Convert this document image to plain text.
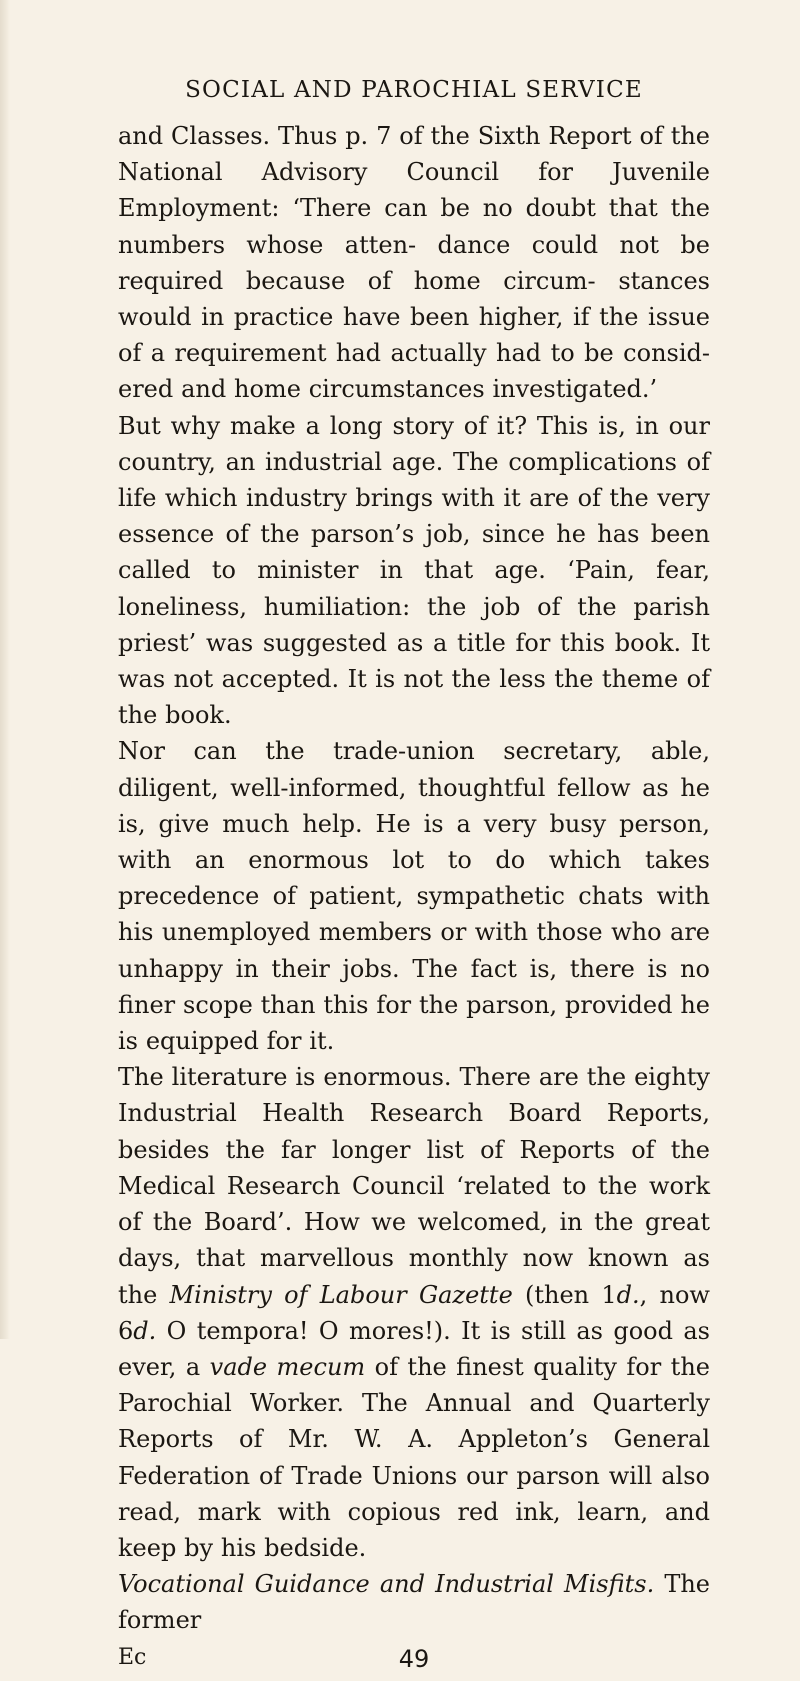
SOCIAL AND PAROCHIAL SERVICE

and Classes. Thus p. 7 of the Sixth Report of the National Advisory Council for Juvenile Employment: ‘There can be no doubt that the numbers whose atten- dance could not be required because of home circum- stances would in practice have been higher, if the issue of a requirement had actually had to be consid- ered and home circumstances investigated.’

But why make a long story of it? This is, in our country, an industrial age. The complications of life which industry brings with it are of the very essence of the parson’s job, since he has been called to minister in that age. ‘Pain, fear, loneliness, humiliation: the job of the parish priest’ was suggested as a title for this book. It was not accepted. It is not the less the theme of the book.

Nor can the trade-union secretary, able, diligent, well-informed, thoughtful fellow as he is, give much help. He is a very busy person, with an enormous lot to do which takes precedence of patient, sympathetic chats with his unemployed members or with those who are unhappy in their jobs. The fact is, there is no finer scope than this for the parson, provided he is equipped for it.

The literature is enormous. There are the eighty Industrial Health Research Board Reports, besides the far longer list of Reports of the Medical Research Council ‘related to the work of the Board’. How we welcomed, in the great days, that marvellous monthly now known as the Ministry of Labour Gazette (then 1d., now 6d. O tempora! O mores!). It is still as good as ever, a vade mecum of the finest quality for the Parochial Worker. The Annual and Quarterly Reports of Mr. W. A. Appleton’s General Federation of Trade Unions our parson will also read, mark with copious red ink, learn, and keep by his bedside.

Vocational Guidance and Industrial Misfits. The former

Ec	49
